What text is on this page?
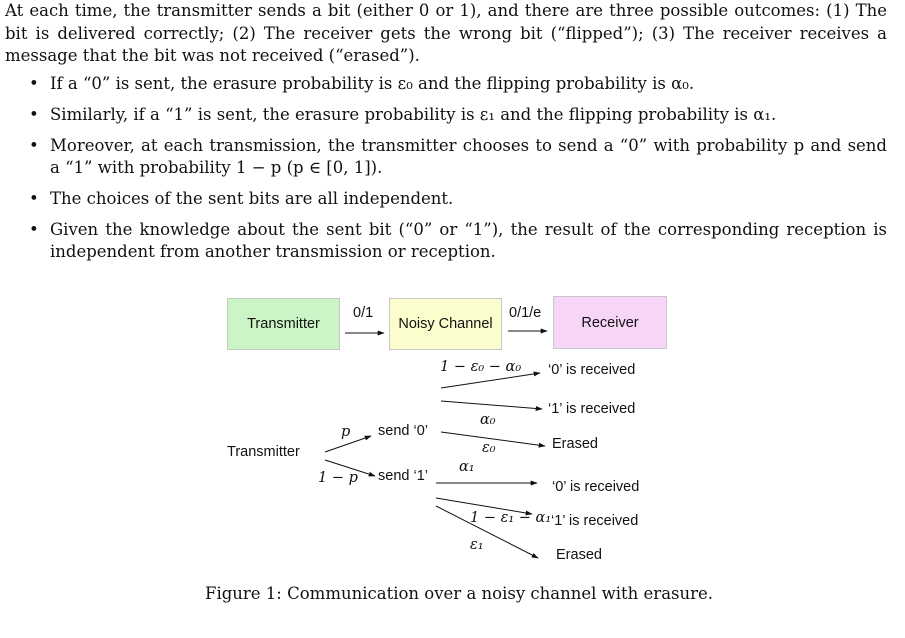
At each time, the transmitter sends a bit (either 0 or 1), and there are three possible outcomes: (1) The bit is delivered correctly; (2) The receiver gets the wrong bit (“flipped”); (3) The receiver receives a message that the bit was not received (“erased”).

• If a “0” is sent, the erasure probability is ε₀ and the flipping probability is α₀.
• Similarly, if a “1” is sent, the erasure probability is ε₁ and the flipping probability is α₁.
• Moreover, at each transmission, the transmitter chooses to send a “0” with probability p and send a “1” with probability 1 − p (p ∈ [0, 1]).
• The choices of the sent bits are all independent.
• Given the knowledge about the sent bit (“0” or “1”), the result of the corresponding reception is independent from another transmission or reception.
Transmitter	Noisy Channel	Receiver
0/1	0/1/e
Transmitter
p
1 − p
send ‘0’
send ‘1’
1 − ε₀ − α₀
α₀
ε₀
α₁
1 − ε₁ − α₁
ε₁
‘0’ is received
‘1’ is received
Erased
‘0’ is received
‘1’ is received
Erased
Figure 1: Communication over a noisy channel with erasure.
